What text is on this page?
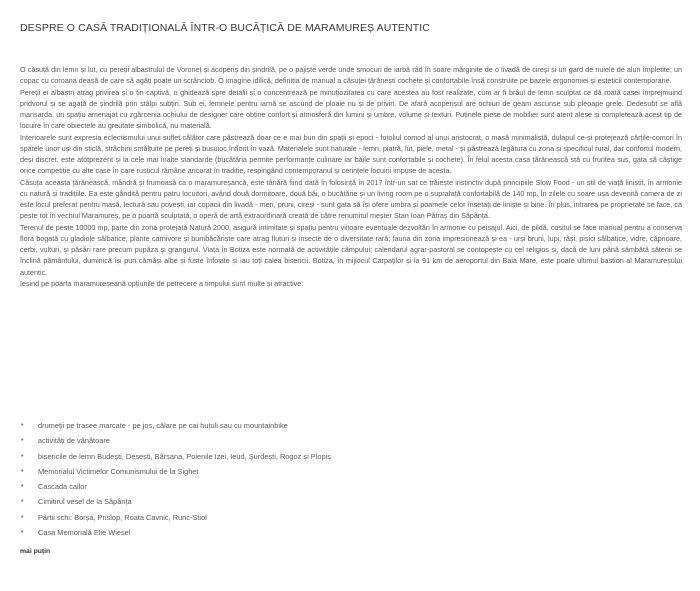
DESPRE O CASĂ TRADIȚIONALĂ ÎNTR-O BUCĂȚICĂ DE MARAMUREȘ AUTENTIC

O căsuță din lemn și lut, cu pereții albastruluí de Voroneț și acoperiș din șindrilă, pe o pajiște verde unde smocuri de iarbă râd în soare mărginite de o livadă de cireși și un gard de nuiele de alun împletite; un copac cu coroana deasă de care să agăți poate un scrânciob. O imagine idilică, definiția de manual a căsuței țărănești cochete și confortabile însă construite pe bazele ergonomiei și esteticii contemporane.

Pereții ei albaștri atrag privirea și o țin captivă, o ghidează spre detalii și o concentrează pe minuțiozitatea cu care acestea au fost realizate, cum ar fi brâul de lemn sculptat ce dă roată casei împrejmuind pridvorul și se agață de șindrilă prin stâlpi subțiri. Sub ei, lemnele pentru iarnă se ascund de ploaie nu și de priviri. De afară acoperișul are ochiuri de geam ascunse sub pleoape grele. Dedesubt se află mansarda, un spațiu amenajat cu zgârcenia ochiului de designer care obține confort și atmosferă din lumini și umbre, volume și texturi. Puținele piese de mobilier sunt atent alese și completează acest tip de locuire în care obiectele au greutate simbolică, nu materială.

Interioarele sunt expresia eclectismului unui suflet călător care păstrează doar ce e mai bun din spații și epoci - fotoliul comod al unui aristocrat, o masă minimalistă, dulapul ce-și protejează cărțile-comori în spatele unor uși din sticlă, străchini smălțuite pe pereți și busuioc înflorit în vază. Materialele sunt naturale - lemn, piatră, lut, piele, metal - și păstrează legătura cu zona și specificul rural, dar confortul modern, deși discret, este atotprezent și la cele mai înalte standarde (bucătăria permite performanțe culinare iar băile sunt confortabile și cochete). În felul acesta casa țărănească stă cu fruntea sus, gata să câștige orice competiție cu alte case în care rusticul rămâne ancorat în tradiție, respingând contemporanul și cerințele locuirii impuse de acesta.

Căsuța aceasta țărănească, mândră și frumoasă ca o maramureșancă, este tânără fiind dată în folosință în 2017 într-un sat ce trăiește instinctiv după principiile Slow Food - un stil de viață liniștit, în armonie cu natură și tradițiile. Ea este gândită pentru patru locuitori, având două dormitoare, două băi, o bucătărie și un living room pe o suprafață confortabilă de 140 mp. În zilele cu soare ușa devenită camera de zi este locul preferat pentru masă, lecturâ sau povești, iar copacii din livadă - meri, pruni, cireși - sunt gata să își ofere umbra și poamele celor însetați de liniște și bine. În plus, intrarea pe proprietate se face, ca peste tot în vechiul Maramureș, pe o poartă sculptată, o operă de artă extraordinară creată de către renumitul meșter Stan Ioan Pătraș din Săpânța.

Terenul de peste 10000 mp, parte din zona protejată Natură 2000, asigură intimitate și spațiu pentru viitoare eventuale dezvoltări în armonie cu peisajul. Aici, de pildă, cositul se face manual pentru a conserva flora bogată cu gladiole sălbatice, plante carnivore și bumbăcăriște care atrag fluturi și insecte de o diversitate rară; fauna din zona impresionează și ea - urși bruni, lupi, râși, pisici sălbatice, vidre, căprioare, cerbi, vulturi, și păsări rare precum pupăza și grangurul. Viața în Botiza este normată de activitățile câmpului; calendarul agrar-pastoral se contopește cu cel religios și, dacă de luni până sâmbătă sătenii se înclină pământului, duminică își pun cămăși albe și fuste înfoiate și iau toți calea bisericii. Botiza, în mijlocul Carpaților și la 91 km de aeroportul din Baia Mare, este poate ultimul bastion al Maramureșului autentic.

Ieșind pe poarta maramureșeană opțiunile de petrecere a timpului sunt multe și atractive:

• drumeții pe trasee marcate - pe jos, călare pe cai huțuli sau cu mountainbike
• activități de vânătoare
• bisericile de lemn Budești, Desești, Bârsana, Poienile Izei, Ieud, Șurdești, Rogoz și Plopiș
• Memorialul Victimelor Comunismului de la Sighet
• Cascada cailor
• Cimitirul vesel de la Săpânța
• Pârtii schi: Borșa, Prislop, Roata Cavnic, Runc-Stiol
• Casa Memorială Elie Wiesel
mai puțin
